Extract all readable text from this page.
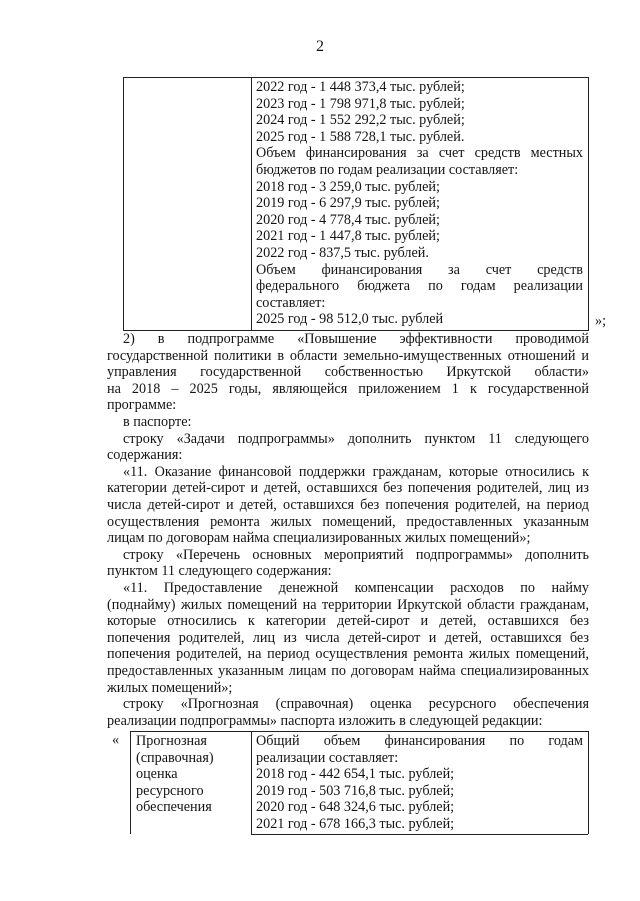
2
2022 год - 1 448 373,4 тыс. рублей;
2023 год - 1 798 971,8 тыс. рублей;
2024 год - 1 552 292,2 тыс. рублей;
2025 год - 1 588 728,1 тыс. рублей.
Объем финансирования за счет средств местных
бюджетов по годам реализации составляет:
2018 год - 3 259,0 тыс. рублей;
2019 год - 6 297,9 тыс. рублей;
2020 год - 4 778,4 тыс. рублей;
2021 год - 1 447,8 тыс. рублей;
2022 год - 837,5 тыс. рублей.
Объем финансирования за счет средств
федерального бюджета по годам реализации
составляет:
2025 год - 98 512,0 тыс. рублей	»;
2) в подпрограмме «Повышение эффективности проводимой
государственной политики в области земельно-имущественных отношений и
управления государственной собственностью Иркутской области»
на 2018 – 2025 годы, являющейся приложением 1 к государственной
программе:
в паспорте:
строку «Задачи подпрограммы» дополнить пунктом 11 следующего
содержания:
«11. Оказание финансовой поддержки гражданам, которые относились к
категории детей-сирот и детей, оставшихся без попечения родителей, лиц из
числа детей-сирот и детей, оставшихся без попечения родителей, на период
осуществления ремонта жилых помещений, предоставленных указанным
лицам по договорам найма специализированных жилых помещений»;
строку «Перечень основных мероприятий подпрограммы» дополнить
пунктом 11 следующего содержания:
«11. Предоставление денежной компенсации расходов по найму
(поднайму) жилых помещений на территории Иркутской области гражданам,
которые относились к категории детей-сирот и детей, оставшихся без
попечения родителей, лиц из числа детей-сирот и детей, оставшихся без
попечения родителей, на период осуществления ремонта жилых помещений,
предоставленных указанным лицам по договорам найма специализированных
жилых помещений»;
строку «Прогнозная (справочная) оценка ресурсного обеспечения
реализации подпрограммы» паспорта изложить в следующей редакции:
« Прогнозная
(справочная)
оценка
ресурсного
обеспечения
Общий объем финансирования по годам
реализации составляет:
2018 год - 442 654,1 тыс. рублей;
2019 год - 503 716,8 тыс. рублей;
2020 год - 648 324,6 тыс. рублей;
2021 год - 678 166,3 тыс. рублей;
